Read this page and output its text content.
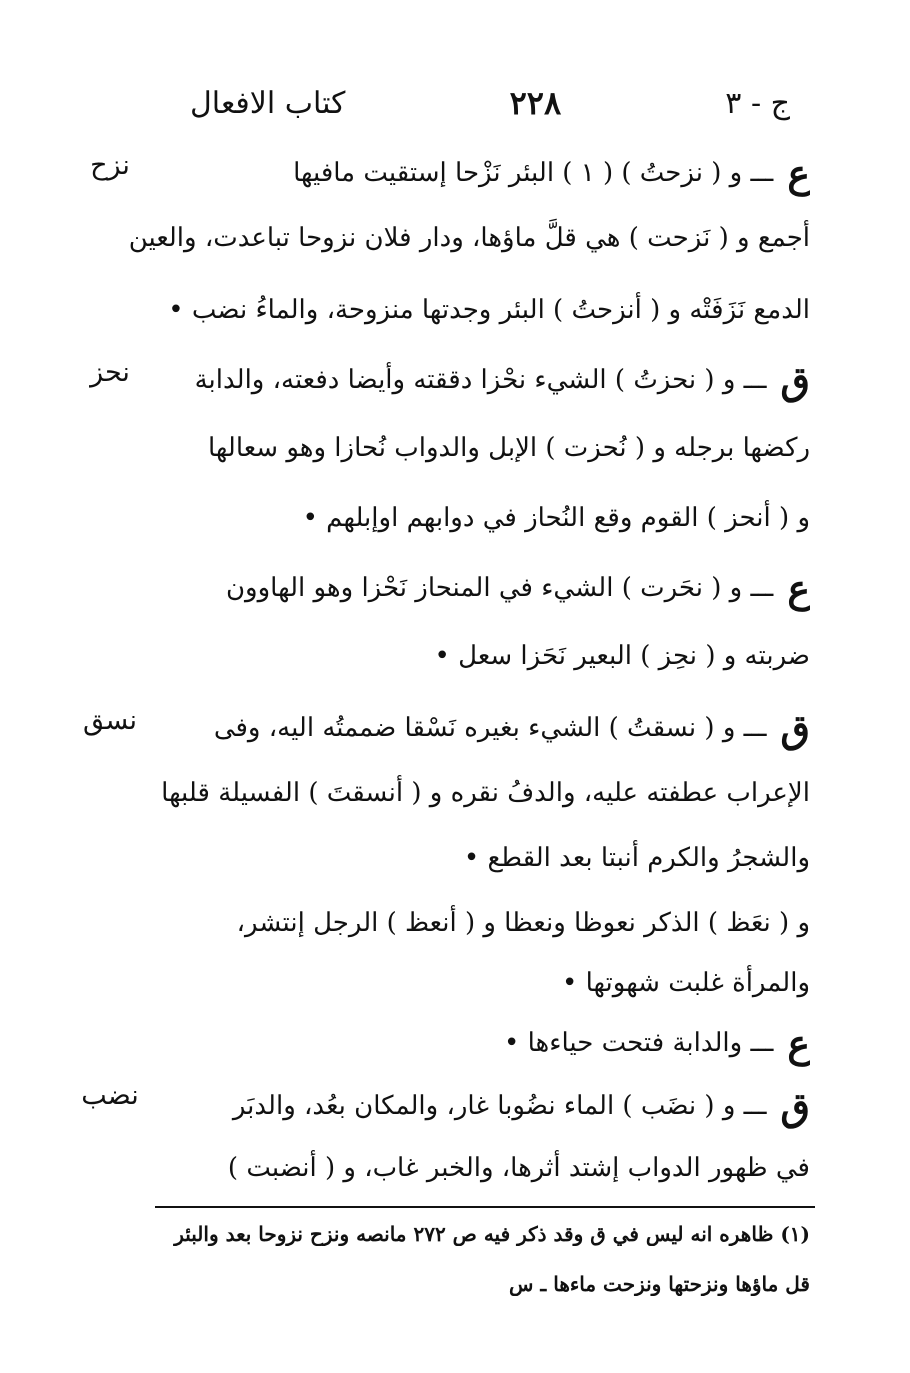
ج - ٣
٢٢٨
كتاب الافعال
نزح
نحز
نسق
نضب
ع
ـــ و ( نزحتُ ) ( ١ ) البئر نَزْحا إستقيت مافيها
أجمع و ( نَزحت ) هي قلَّ ماؤها، ودار فلان نزوحا تباعدت، والعين
الدمع نَزَفَتْه و ( أنزحتُ ) البئر وجدتها منزوحة، والماءُ نضب •
ق
ـــ و ( نحزتُ ) الشيء نحْزا دققته وأيضا دفعته، والدابة
ركضها برجله و ( نُحزت ) الإبل والدواب نُحازا وهو سعالها
و ( أنحز ) القوم وقع النُحاز في دوابهم اوإبلهم •
ع
ـــ و ( نحَرت ) الشيء في المنحاز نَحْزا وهو الهاوون
ضربته و ( نحِز ) البعير نَحَزا سعل •
ق
ـــ و ( نسقتُ ) الشيء بغيره نَسْقا ضممتُه اليه، وفى
الإعراب عطفته عليه، والدفُ نقره و ( أنسقتَ ) الفسيلة قلبها
والشجرُ والكرم أنبتا بعد القطع •
و ( نعَظ ) الذكر نعوظا ونعظا و ( أنعظ ) الرجل إنتشر،
والمرأة غلبت شهوتها •
ع
ـــ والدابة فتحت حياءها •
ق
ـــ و ( نضَب ) الماء نضُوبا غار، والمكان بعُد، والدبَر
في ظهور الدواب إشتد أثرها، والخبر غاب، و ( أنضبت )
(١) ظاهره انه ليس في ق وقد ذكر فيه ص ٢٧٢ مانصه ونزح نزوحا بعد والبئر
قل ماؤها ونزحتها ونزحت ماءها ـ س
